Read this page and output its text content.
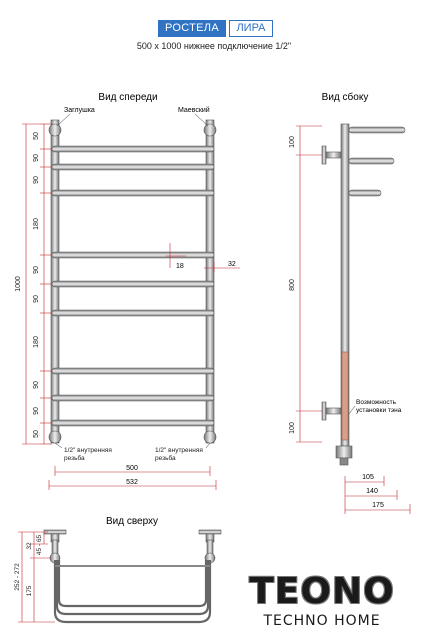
РОСТЕЛА	ЛИРА
500 x 1000 нижнее подключение 1/2"
Вид спереди
Заглушка	Маевский
50
90
90
180
90
90
180
90
90
50
1000
18	32
1/2" внутренняя
резьба
1/2" внутренняя
резьба
500
532
Вид сбоку
100
800
100
Возможность
установки тэна
105
140
175
Вид сверху
252 - 272
32 45 - 65
175	TEONO
TECHNO HOME
